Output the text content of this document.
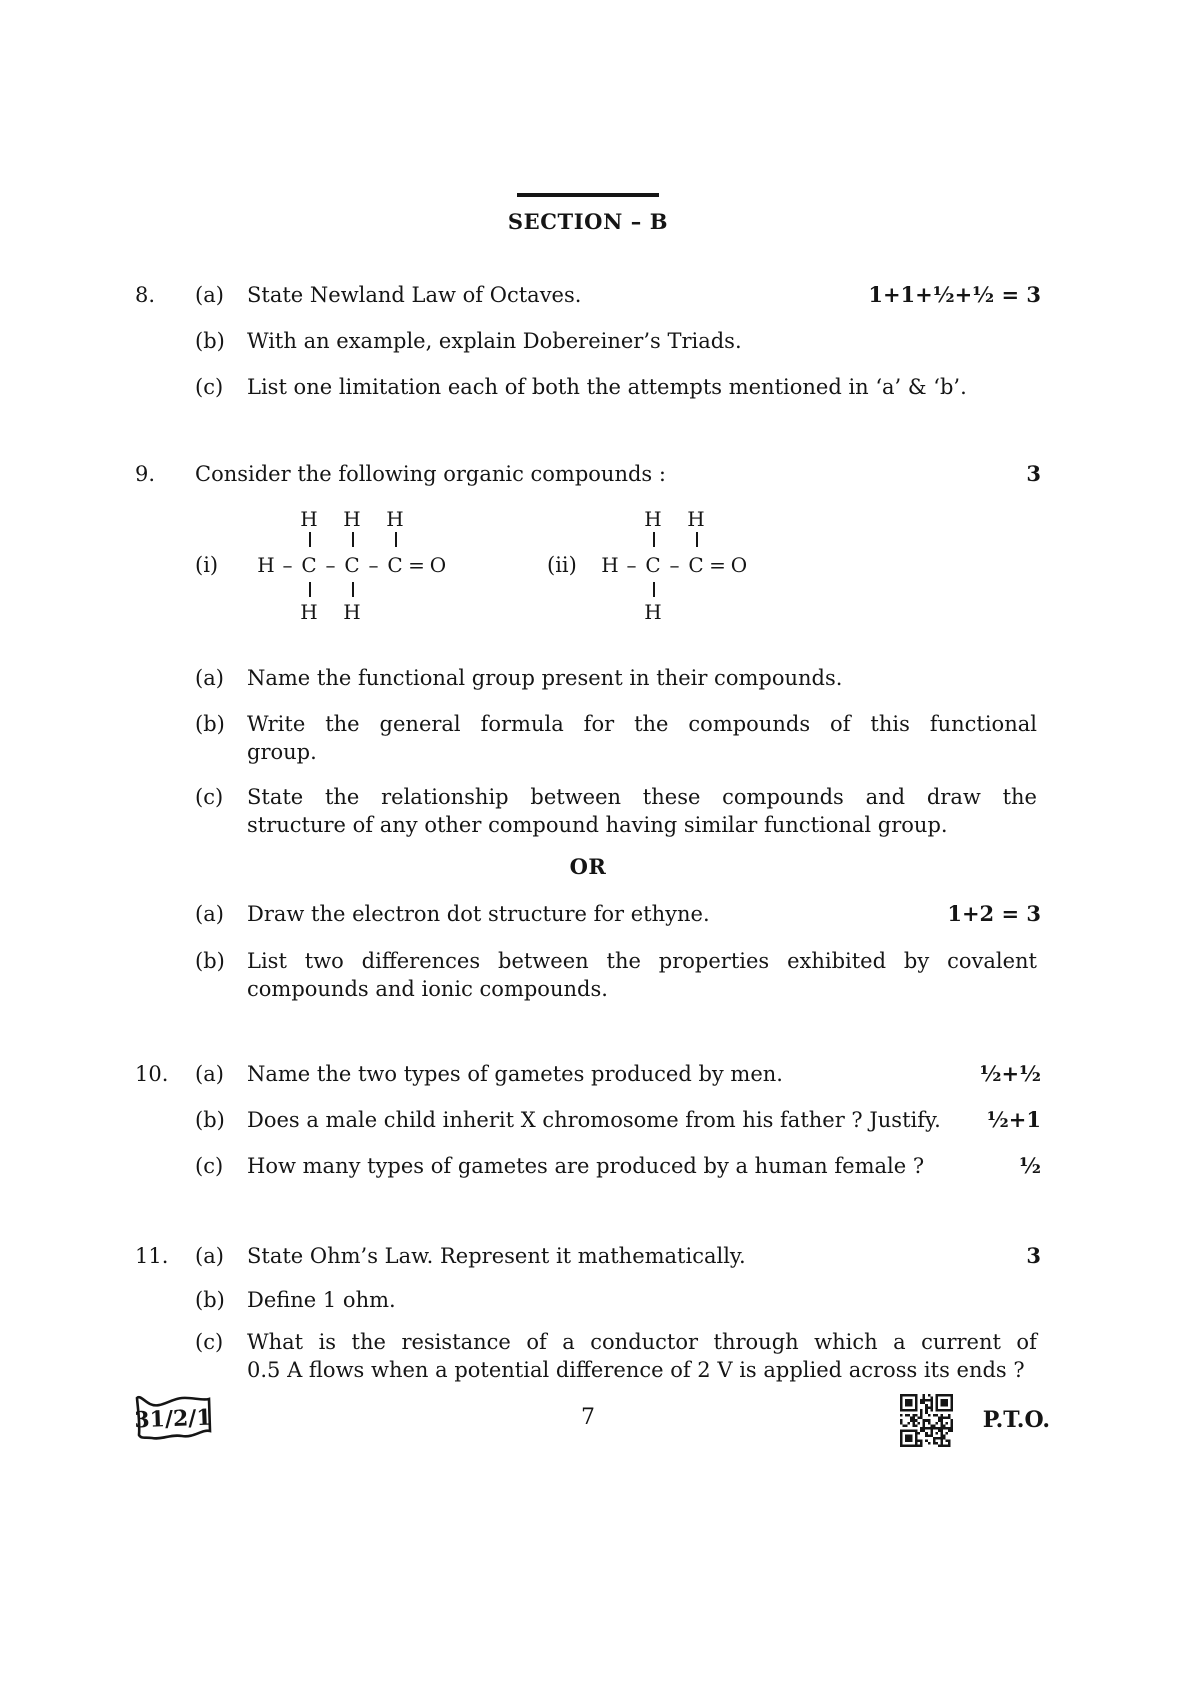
SECTION – B
8.	(a)	State Newland Law of Octaves.	1+1+½+½ = 3
(b)	With an example, explain Dobereiner’s Triads.
(c)	List one limitation each of both the attempts mentioned in ‘a’ & ‘b’.
9.	Consider the following organic compounds :	3
(i)	H –
H
C
H
–
H
C
H
–
H
C = O	(ii)	H –
H
C
H
–
H
C = O
(a)	Name the functional group present in their compounds.
(b)	Write the general formula for the compounds of this functional
group.
(c)	State the relationship between these compounds and draw the
structure of any other compound having similar functional group.
OR
(a)	Draw the electron dot structure for ethyne.	1+2 = 3
(b)	List two differences between the properties exhibited by covalent
compounds and ionic compounds.
10.	(a)	Name the two types of gametes produced by men.	½+½
(b)	Does a male child inherit X chromosome from his father ? Justify.	½+1
(c)	How many types of gametes are produced by a human female ?	½
11.	(a)	State Ohm’s Law. Represent it mathematically.	3
(b)	Define 1 ohm.
(c)	What is the resistance of a conductor through which a current of
0.5 A flows when a potential difference of 2 V is applied across its ends ?
31/2/1	7	P.T.O.
